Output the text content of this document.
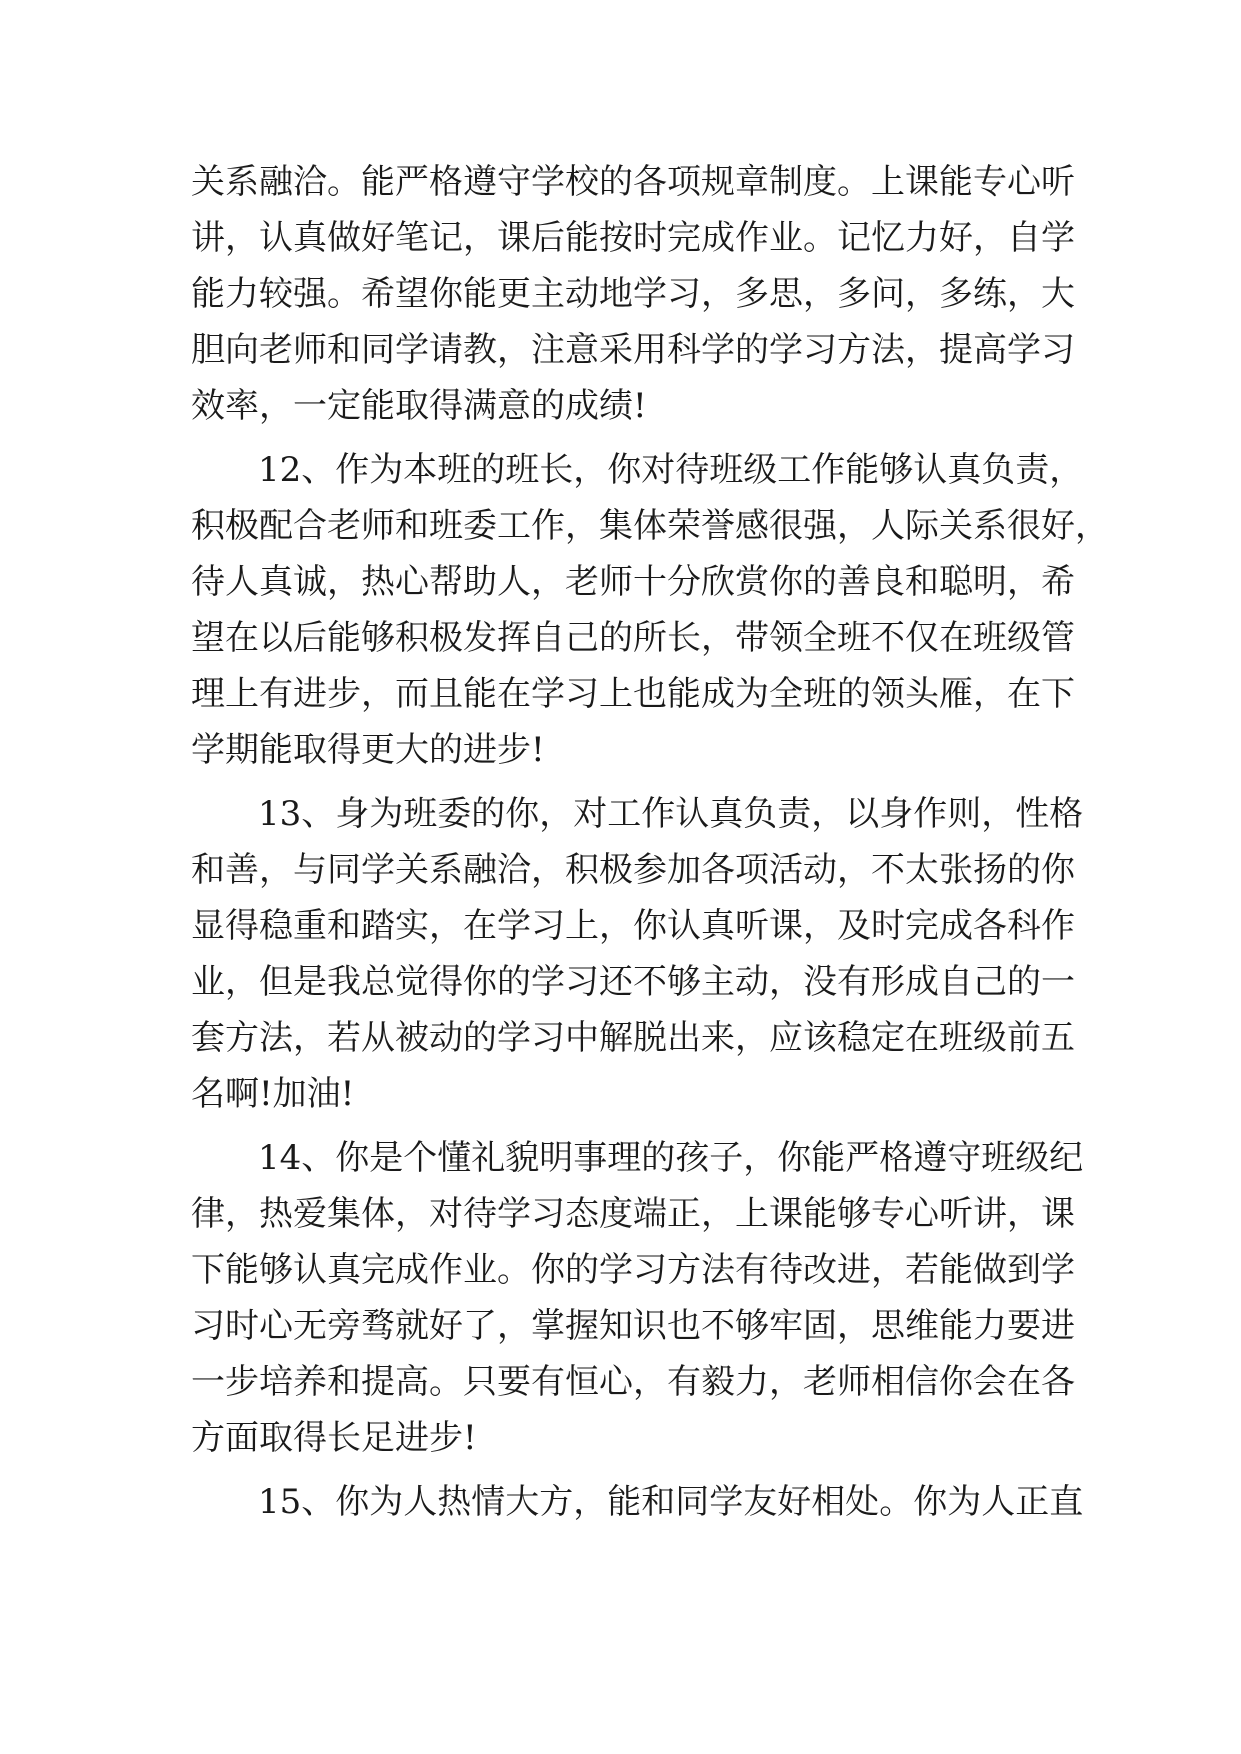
关系融洽。能严格遵守学校的各项规章制度。上课能专心听

讲，认真做好笔记，课后能按时完成作业。记忆力好，自学

能力较强。希望你能更主动地学习，多思，多问，多练，大

胆向老师和同学请教，注意采用科学的学习方法，提高学习

效率，一定能取得满意的成绩!

12、作为本班的班长，你对待班级工作能够认真负责，

积极配合老师和班委工作，集体荣誉感很强，人际关系很好，

待人真诚，热心帮助人，老师十分欣赏你的善良和聪明，希

望在以后能够积极发挥自己的所长，带领全班不仅在班级管

理上有进步，而且能在学习上也能成为全班的领头雁，在下

学期能取得更大的进步!

13、身为班委的你，对工作认真负责，以身作则，性格

和善，与同学关系融洽，积极参加各项活动，不太张扬的你

显得稳重和踏实，在学习上，你认真听课，及时完成各科作

业，但是我总觉得你的学习还不够主动，没有形成自己的一

套方法，若从被动的学习中解脱出来，应该稳定在班级前五

名啊!加油!

14、你是个懂礼貌明事理的孩子，你能严格遵守班级纪

律，热爱集体，对待学习态度端正，上课能够专心听讲，课

下能够认真完成作业。你的学习方法有待改进，若能做到学

习时心无旁骛就好了，掌握知识也不够牢固，思维能力要进

一步培养和提高。只要有恒心，有毅力，老师相信你会在各

方面取得长足进步!

15、你为人热情大方，能和同学友好相处。你为人正直
